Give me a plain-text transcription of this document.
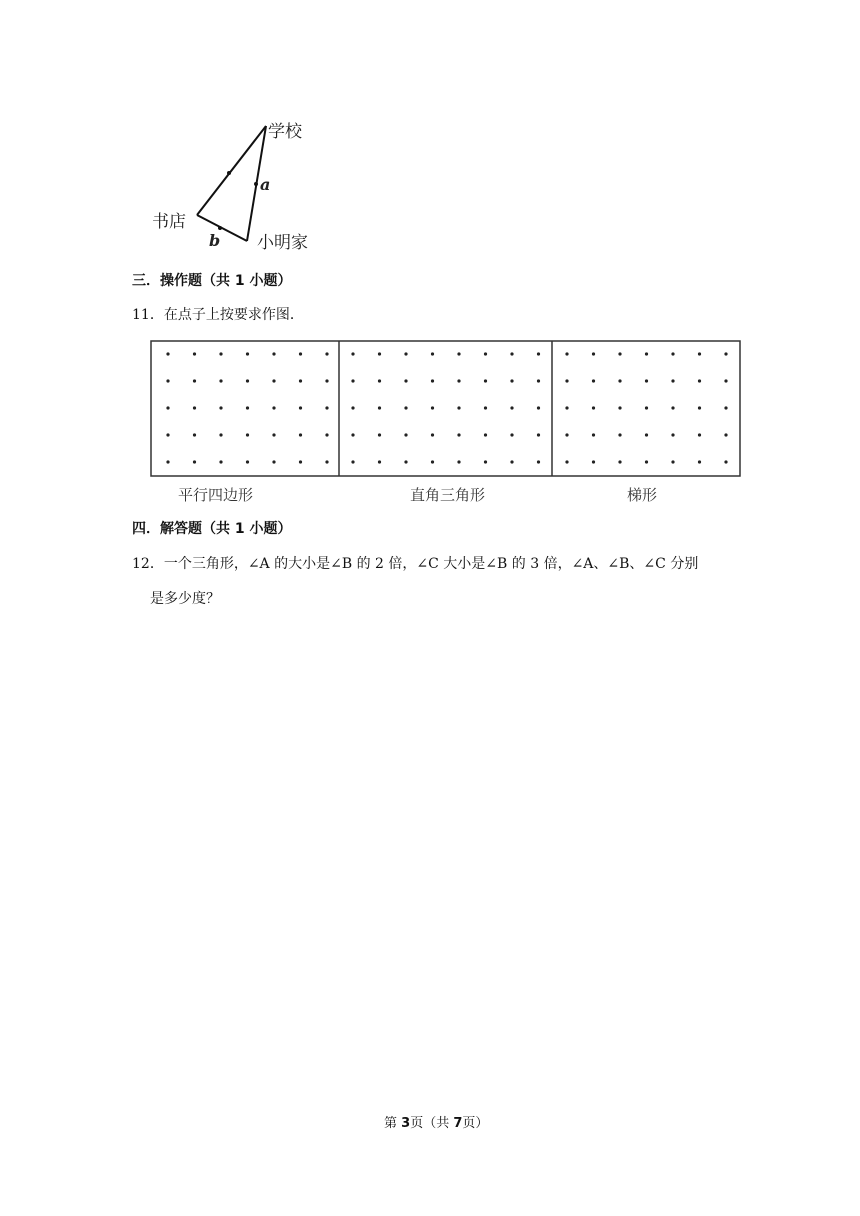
学校
书店
小明家
a
b
三．操作题（共 1 小题）
11．在点子上按要求作图．
平行四边形	直角三角形	梯形
四．解答题（共 1 小题）
12．一个三角形，∠A 的大小是∠B 的 2 倍，∠C 大小是∠B 的 3 倍，∠A、∠B、∠C 分别
是多少度？
第 3页（共 7页）
